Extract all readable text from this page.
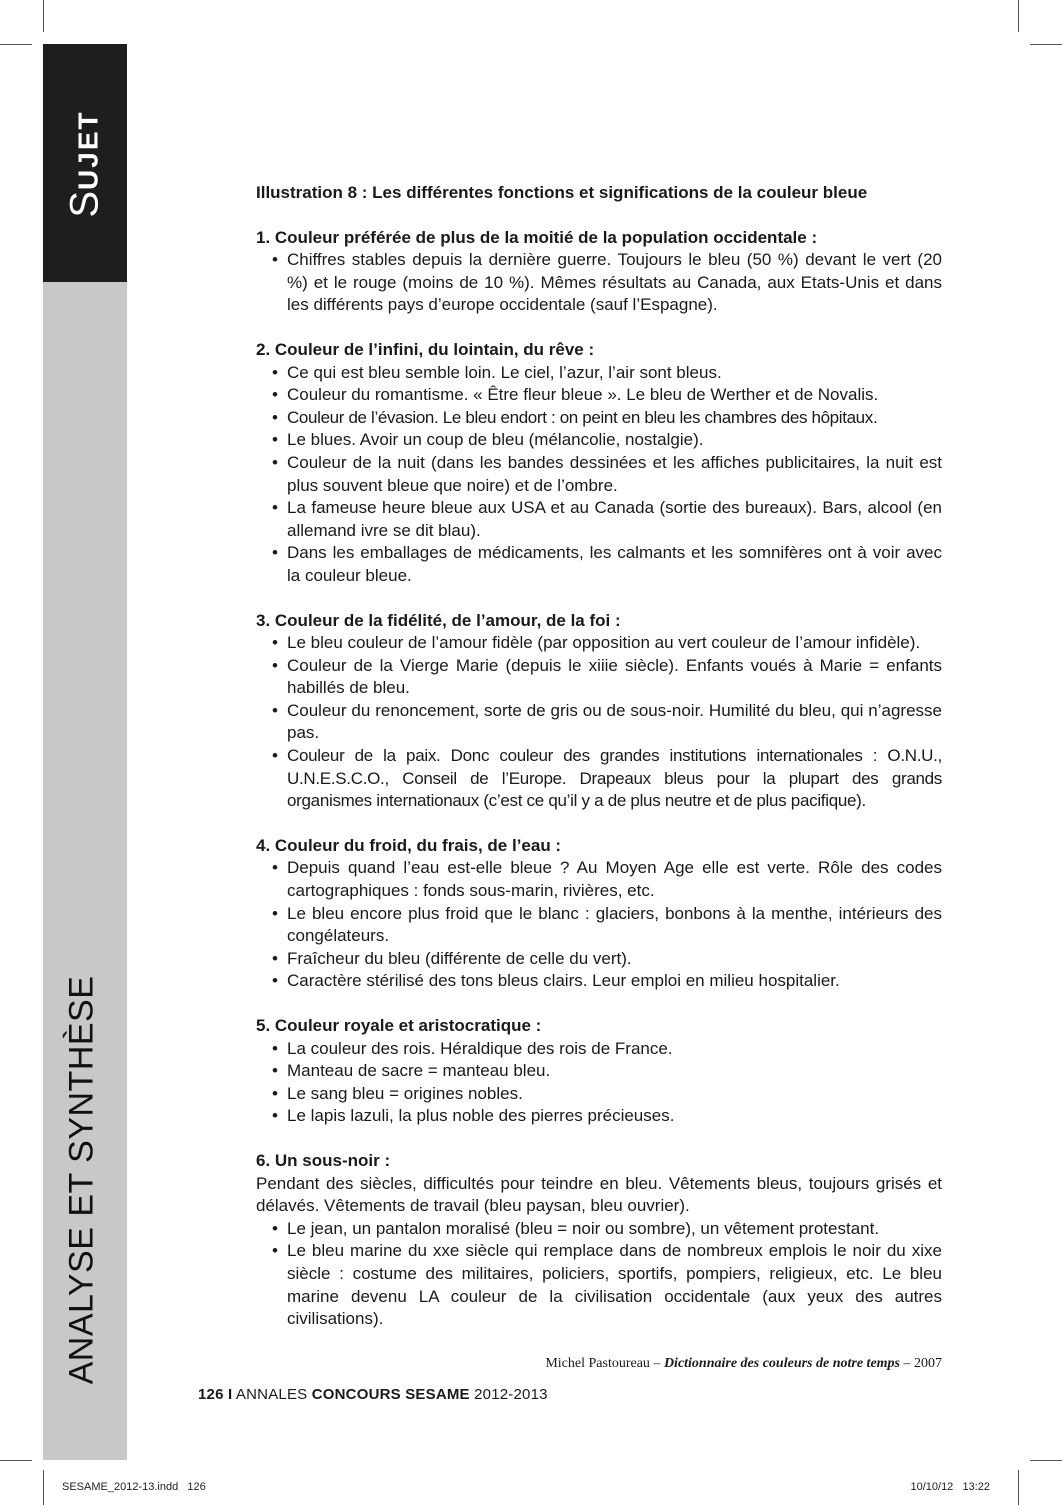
SUJET
ANALYSE ET SYNTHÈSE
Illustration 8 : Les différentes fonctions et significations de la couleur bleue
1. Couleur préférée de plus de la moitié de la population occidentale :
• Chiffres stables depuis la dernière guerre. Toujours le bleu (50 %) devant le vert (20 %) et le rouge (moins de 10 %). Mêmes résultats au Canada, aux Etats-Unis et dans les différents pays d’europe occidentale (sauf l’Espagne).
2. Couleur de l’infini, du lointain, du rêve :
• Ce qui est bleu semble loin. Le ciel, l’azur, l’air sont bleus.
• Couleur du romantisme. « Être fleur bleue ». Le bleu de Werther et de Novalis.
• Couleur de l’évasion. Le bleu endort : on peint en bleu les chambres des hôpitaux.
• Le blues. Avoir un coup de bleu (mélancolie, nostalgie).
• Couleur de la nuit (dans les bandes dessinées et les affiches publicitaires, la nuit est plus souvent bleue que noire) et de l’ombre.
• La fameuse heure bleue aux USA et au Canada (sortie des bureaux). Bars, alcool (en allemand ivre se dit blau).
• Dans les emballages de médicaments, les calmants et les somnifères ont à voir avec la couleur bleue.
3. Couleur de la fidélité, de l’amour, de la foi :
• Le bleu couleur de l’amour fidèle (par opposition au vert couleur de l’amour infidèle).
• Couleur de la Vierge Marie (depuis le xiiie siècle). Enfants voués à Marie = enfants habillés de bleu.
• Couleur du renoncement, sorte de gris ou de sous-noir. Humilité du bleu, qui n’agresse pas.
• Couleur de la paix. Donc couleur des grandes institutions internationales : O.N.U., U.N.E.S.C.O., Conseil de l’Europe. Drapeaux bleus pour la plupart des grands organismes internationaux (c’est ce qu’il y a de plus neutre et de plus pacifique).
4. Couleur du froid, du frais, de l’eau :
• Depuis quand l’eau est-elle bleue ? Au Moyen Age elle est verte. Rôle des codes cartographiques : fonds sous-marin, rivières, etc.
• Le bleu encore plus froid que le blanc : glaciers, bonbons à la menthe, intérieurs des congélateurs.
• Fraîcheur du bleu (différente de celle du vert).
• Caractère stérilisé des tons bleus clairs. Leur emploi en milieu hospitalier.
5. Couleur royale et aristocratique :
• La couleur des rois. Héraldique des rois de France.
• Manteau de sacre = manteau bleu.
• Le sang bleu = origines nobles.
• Le lapis lazuli, la plus noble des pierres précieuses.
6. Un sous-noir :
Pendant des siècles, difficultés pour teindre en bleu. Vêtements bleus, toujours grisés et délavés. Vêtements de travail (bleu paysan, bleu ouvrier).
• Le jean, un pantalon moralisé (bleu = noir ou sombre), un vêtement protestant.
• Le bleu marine du xxe siècle qui remplace dans de nombreux emplois le noir du xixe siècle : costume des militaires, policiers, sportifs, pompiers, religieux, etc. Le bleu marine devenu LA couleur de la civilisation occidentale (aux yeux des autres civilisations).
Michel Pastoureau – Dictionnaire des couleurs de notre temps – 2007
126 I ANNALES CONCOURS SESAME 2012-2013
SESAME_2012-13.indd   126	10/10/12   13:22
